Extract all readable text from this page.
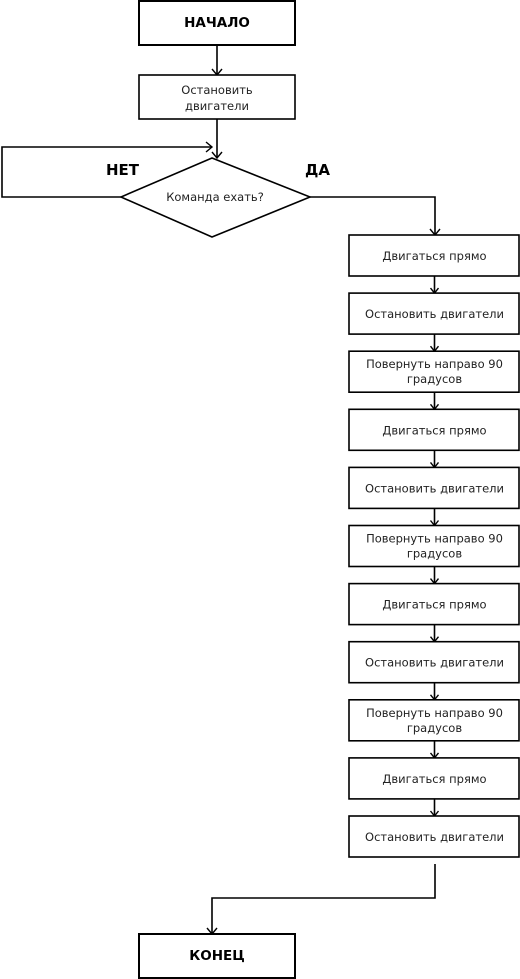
НАЧАЛО
Остановить
двигатели
Команда ехать?
НЕТ	ДА
Двигаться прямо
Остановить двигатели
Повернуть направо 90
градусов
Двигаться прямо
Остановить двигатели
Повернуть направо 90
градусов
Двигаться прямо
Остановить двигатели
Повернуть направо 90
градусов
Двигаться прямо
Остановить двигатели
КОНЕЦ
